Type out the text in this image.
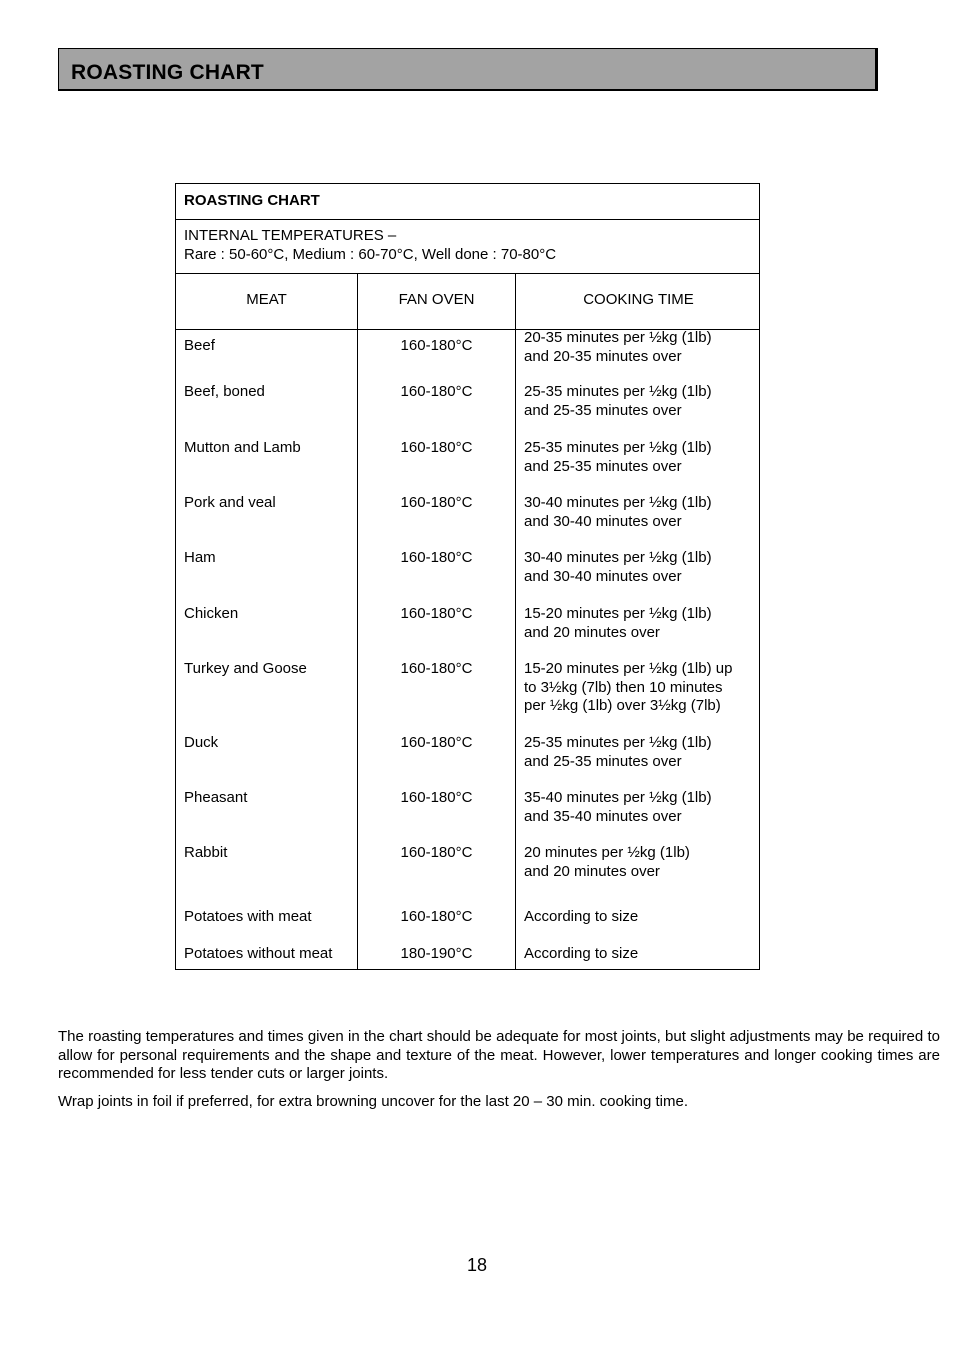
ROASTING CHART
ROASTING CHART
INTERNAL TEMPERATURES –
Rare : 50-60°C, Medium : 60-70°C, Well done : 70-80°C
MEAT	FAN OVEN	COOKING TIME
Beef	160-180°C	20-35 minutes per ½kg (1lb)
and 20-35 minutes over
Beef, boned	160-180°C	25-35 minutes per ½kg (1lb)
and 25-35 minutes over
Mutton and Lamb	160-180°C	25-35 minutes per ½kg (1lb)
and 25-35 minutes over
Pork and veal	160-180°C	30-40 minutes per ½kg (1lb)
and 30-40 minutes over
Ham	160-180°C	30-40 minutes per ½kg (1lb)
and 30-40 minutes over
Chicken	160-180°C	15-20 minutes per ½kg (1lb)
and 20 minutes over
Turkey and Goose	160-180°C	15-20 minutes per ½kg (1lb) up
to 3½kg (7lb) then 10 minutes
per ½kg (1lb) over 3½kg (7lb)
Duck	160-180°C	25-35 minutes per ½kg (1lb)
and 25-35 minutes over
Pheasant	160-180°C	35-40 minutes per ½kg (1lb)
and 35-40 minutes over
Rabbit	160-180°C	20 minutes per ½kg (1lb)
and 20 minutes over
Potatoes with meat	160-180°C	According to size
Potatoes without meat	180-190°C	According to size
The roasting temperatures and times given in the chart should be adequate for most joints, but slight adjustments may be required to allow for personal requirements and the shape and texture of the meat. However, lower temperatures and longer cooking times are recommended for less tender cuts or larger joints.
Wrap joints in foil if preferred, for extra browning uncover for the last 20 – 30 min. cooking time.
18
